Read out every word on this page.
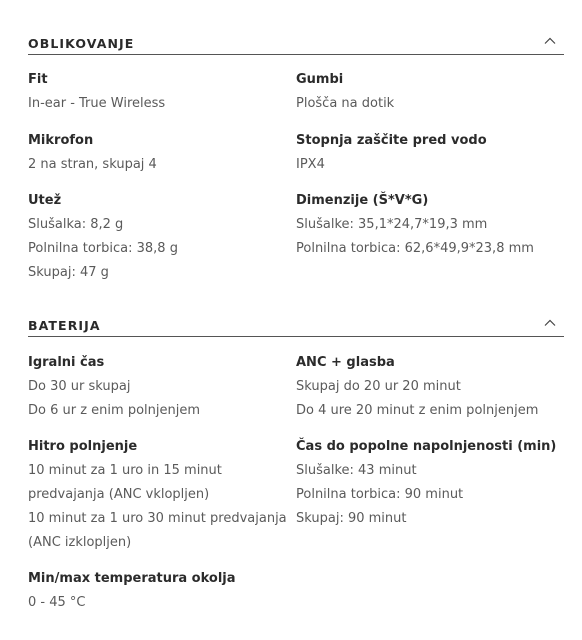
OBLIKOVANJE
Fit
In-ear - True Wireless
Gumbi
Plošča na dotik
Mikrofon
2 na stran, skupaj 4
Stopnja zaščite pred vodo
IPX4
Utež
Slušalka: 8,2 g
Polnilna torbica: 38,8 g
Skupaj: 47 g
Dimenzije (Š*V*G)
Slušalke: 35,1*24,7*19,3 mm
Polnilna torbica: 62,6*49,9*23,8 mm
BATERIJA
Igralni čas
Do 30 ur skupaj
Do 6 ur z enim polnjenjem
ANC + glasba
Skupaj do 20 ur 20 minut
Do 4 ure 20 minut z enim polnjenjem
Hitro polnjenje
10 minut za 1 uro in 15 minut
predvajanja (ANC vklopljen)
10 minut za 1 uro 30 minut predvajanja
(ANC izklopljen)
Čas do popolne napolnjenosti (min)
Slušalke: 43 minut
Polnilna torbica: 90 minut
Skupaj: 90 minut
Min/max temperatura okolja
0 - 45 °C
